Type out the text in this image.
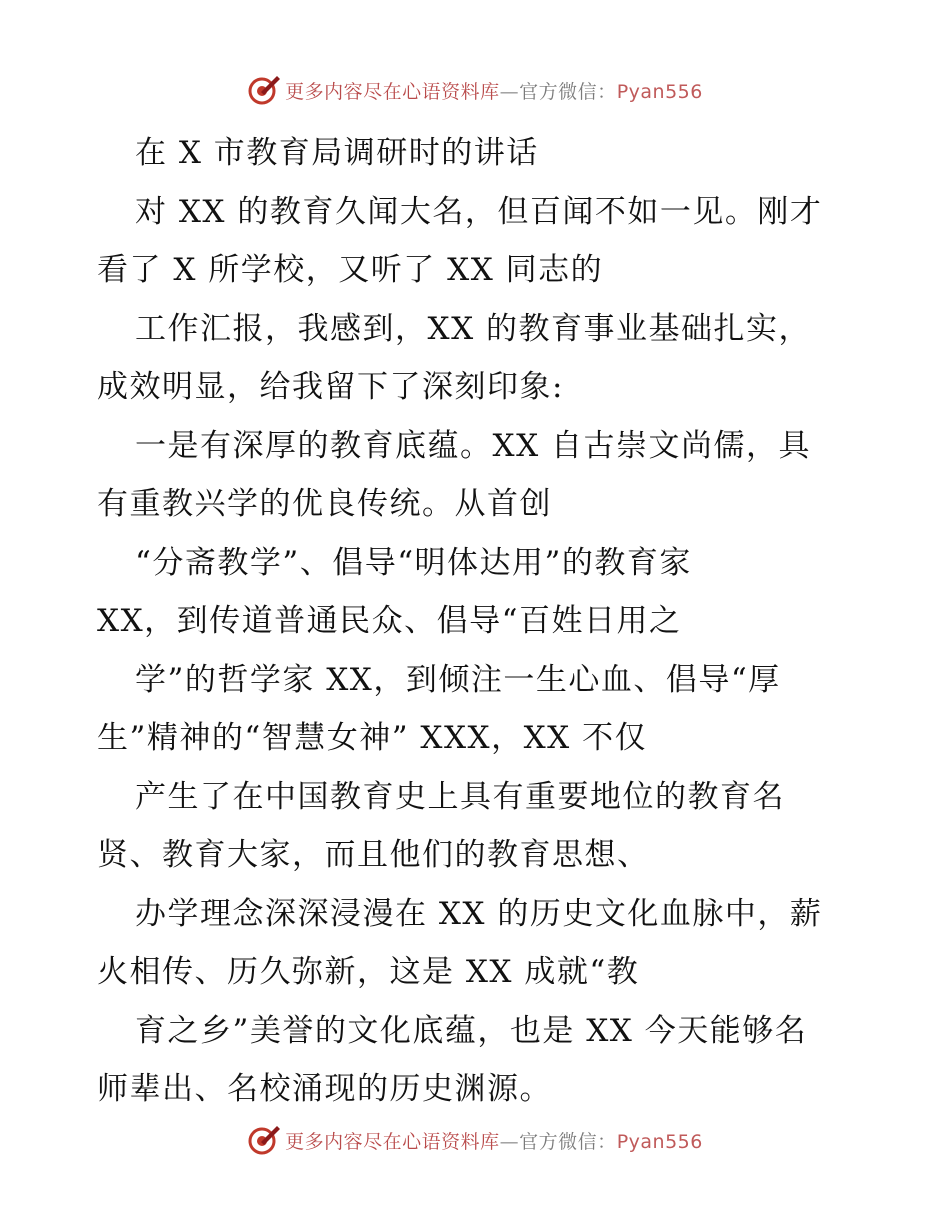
更多内容尽在心语资料库—官方微信：Pyan556
在 X 市教育局调研时的讲话
对 XX 的教育久闻大名，但百闻不如一见。刚才
看了 X 所学校，又听了 XX 同志的
工作汇报，我感到，XX 的教育事业基础扎实，
成效明显，给我留下了深刻印象:
一是有深厚的教育底蕴。XX 自古崇文尚儒，具
有重教兴学的优良传统。从首创
“分斋教学”、倡导“明体达用”的教育家
XX，到传道普通民众、倡导“百姓日用之
学”的哲学家 XX，到倾注一生心血、倡导“厚
生”精神的“智慧女神” XXX，XX 不仅
产生了在中国教育史上具有重要地位的教育名
贤、教育大家，而且他们的教育思想、
办学理念深深浸漫在 XX 的历史文化血脉中，薪
火相传、历久弥新，这是 XX 成就“教
育之乡”美誉的文化底蕴，也是 XX 今天能够名
师辈出、名校涌现的历史渊源。
更多内容尽在心语资料库—官方微信：Pyan556
